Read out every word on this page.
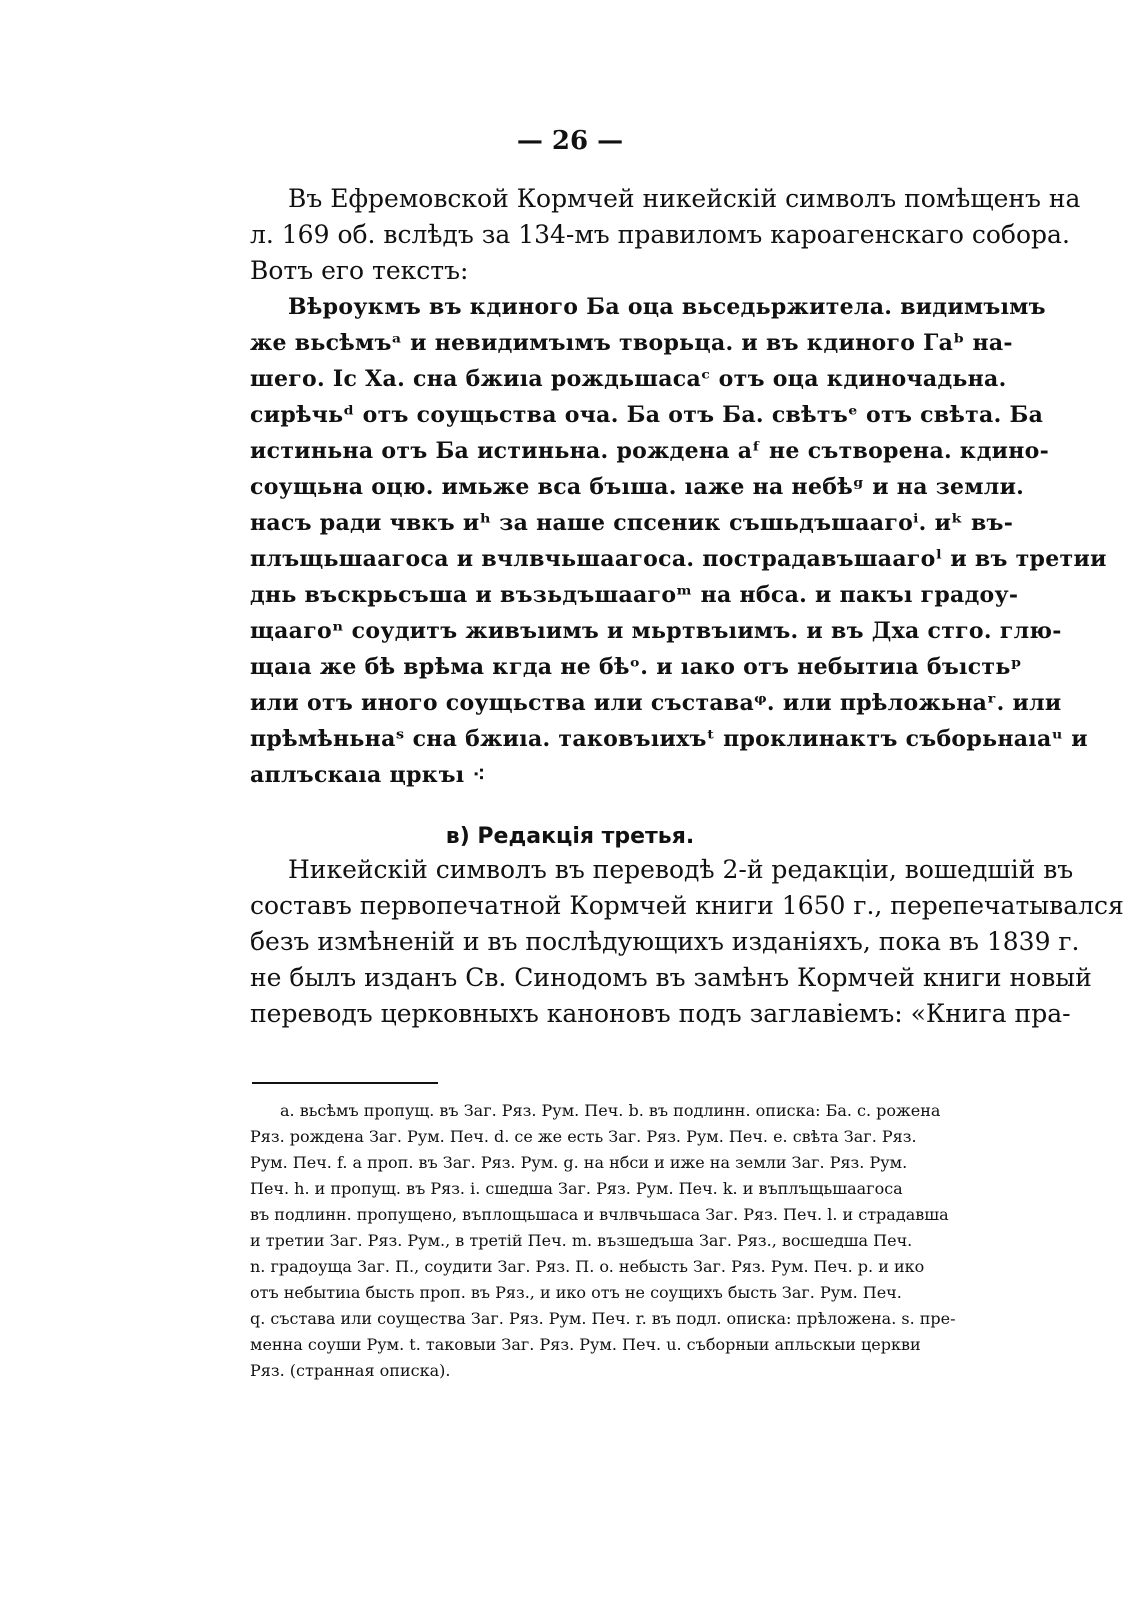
— 26 —
Въ Ефремовской Кормчей никейскій символъ помѣщенъ на
л. 169 об. вслѣдъ за 134-мъ правиломъ кароагенскаго собора.
Вотъ его текстъ:
Вѣроуκмъ въ κдиного Ба оца вьседьржитела. видимъıмъ
же вьсѣмъᵃ и невидимъıмъ творьца. и въ κдиного Гаᵇ на-
шего. Іс Ха. сна бжиıа рождьшасаᶜ отъ оца κдиночадьна.
сирѣчьᵈ отъ соущьства оча. Ба отъ Ба. свѣтъᵉ отъ свѣта. Ба
истиньна отъ Ба истиньна. рождена аᶠ не сътворена. κдино-
соущьна оцю. имьже вса бъıша. ıаже на небѣᵍ и на земли.
насъ ради чвкъ иʰ за наше спсениκ съшьдъшаагоⁱ. иᵏ въ-
плъщьшаагоса и вчлвчьшаагоса. пострадавъшаагоˡ и въ третии
днь въскрьсъша и възьдъшаагоᵐ на нбса. и пакъı градоу-
щаагоⁿ соудитъ живъıимъ и мьртвъıимъ. и въ Дха стго. глю-
щаıа же бѣ врѣма κгда не бѣᵒ. и ıако отъ небытиıа бъıстьᵖ
или отъ иного соущьства или съставаᵠ. или прѣложьнаʳ. или
прѣмѣньнаˢ сна бжиıа. таковъıихъᵗ проклинаκтъ съборьнаıаᵘ и
аплъскаıа црκъı ⁖
в) Редакція третья.
Никейскій символъ въ переводѣ 2-й редакціи, вошедшій въ
составъ первопечатной Кормчей книги 1650 г., перепечатывался
безъ измѣненій и въ послѣдующихъ изданіяхъ, пока въ 1839 г.
не былъ изданъ Св. Синодомъ въ замѣнъ Кормчей книги новый
переводъ церковныхъ каноновъ подъ заглавіемъ: «Книга пра-
a. вьсѣмъ пропущ. въ Заг. Ряз. Рум. Печ. b. въ подлинн. описка: Ба. c. рожена
Ряз. рождена Заг. Рум. Печ. d. се же есть Заг. Ряз. Рум. Печ. e. свѣта Заг. Ряз.
Рум. Печ. f. а проп. въ Заг. Ряз. Рум. g. на нбси и иже на земли Заг. Ряз. Рум.
Печ. h. и пропущ. въ Ряз. i. сшедша Заг. Ряз. Рум. Печ. k. и въплъщьшаагоса
въ подлинн. пропущено, въплощьшаса и вчлвчьшаса Заг. Ряз. Печ. l. и страдавша
и третии Заг. Ряз. Рум., в третій Печ. m. възшедъша Заг. Ряз., восшедша Печ.
n. градоуща Заг. П., соудити Заг. Ряз. П. o. небысть Заг. Ряз. Рум. Печ. p. и ико
отъ небытиıа бысть проп. въ Ряз., и ико отъ не соущихъ бысть Заг. Рум. Печ.
q. състава или соущества Заг. Ряз. Рум. Печ. r. въ подл. описка: прѣложена. s. пре-
менна соуши Рум. t. таковыи Заг. Ряз. Рум. Печ. u. съборныи апльскыи церкви
Ряз. (странная описка).
